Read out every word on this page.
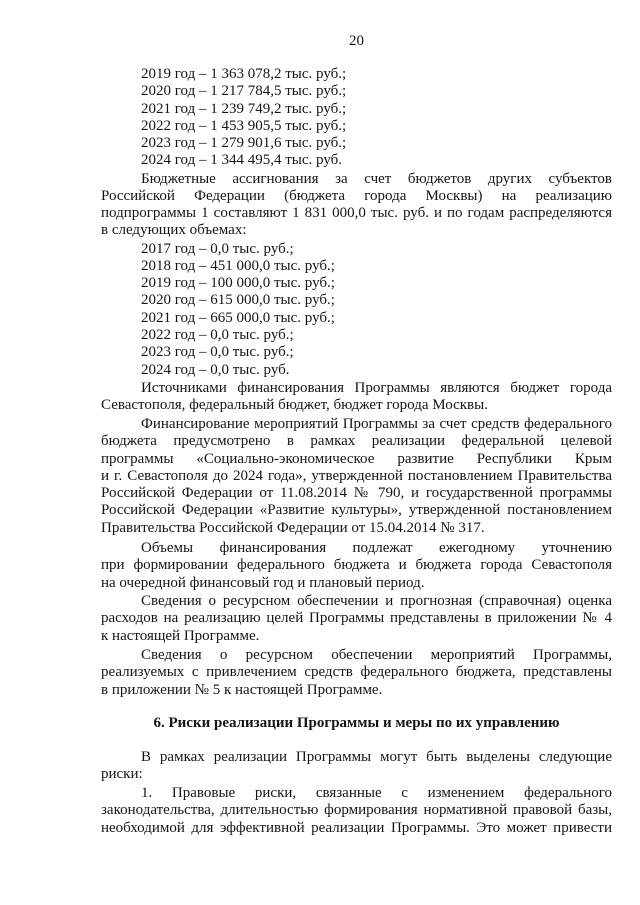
20
2019 год – 1 363 078,2 тыс. руб.;
2020 год – 1 217 784,5 тыс. руб.;
2021 год – 1 239 749,2 тыс. руб.;
2022 год – 1 453 905,5 тыс. руб.;
2023 год – 1 279 901,6 тыс. руб.;
2024 год – 1 344 495,4 тыс. руб.
Бюджетные ассигнования за счет бюджетов других субъектов
Российской Федерации (бюджета города Москвы) на реализацию
подпрограммы 1 составляют 1 831 000,0 тыс. руб. и по годам распределяются
в следующих объемах:
2017 год – 0,0 тыс. руб.;
2018 год – 451 000,0 тыс. руб.;
2019 год – 100 000,0 тыс. руб.;
2020 год – 615 000,0 тыс. руб.;
2021 год – 665 000,0 тыс. руб.;
2022 год – 0,0 тыс. руб.;
2023 год – 0,0 тыс. руб.;
2024 год – 0,0 тыс. руб.
Источниками финансирования Программы являются бюджет города
Севастополя, федеральный бюджет, бюджет города Москвы.
Финансирование мероприятий Программы за счет средств федерального
бюджета предусмотрено в рамках реализации федеральной целевой
программы «Социально-экономическое развитие Республики Крым
и г. Севастополя до 2024 года», утвержденной постановлением Правительства
Российской Федерации от 11.08.2014 № 790, и государственной программы
Российской Федерации «Развитие культуры», утвержденной постановлением
Правительства Российской Федерации от 15.04.2014 № 317.
Объемы финансирования подлежат ежегодному уточнению
при формировании федерального бюджета и бюджета города Севастополя
на очередной финансовый год и плановый период.
Сведения о ресурсном обеспечении и прогнозная (справочная) оценка
расходов на реализацию целей Программы представлены в приложении № 4
к настоящей Программе.
Сведения о ресурсном обеспечении мероприятий Программы,
реализуемых с привлечением средств федерального бюджета, представлены
в приложении № 5 к настоящей Программе.
6. Риски реализации Программы и меры по их управлению
В рамках реализации Программы могут быть выделены следующие
риски:
1. Правовые риски, связанные с изменением федерального
законодательства, длительностью формирования нормативной правовой базы,
необходимой для эффективной реализации Программы. Это может привести
